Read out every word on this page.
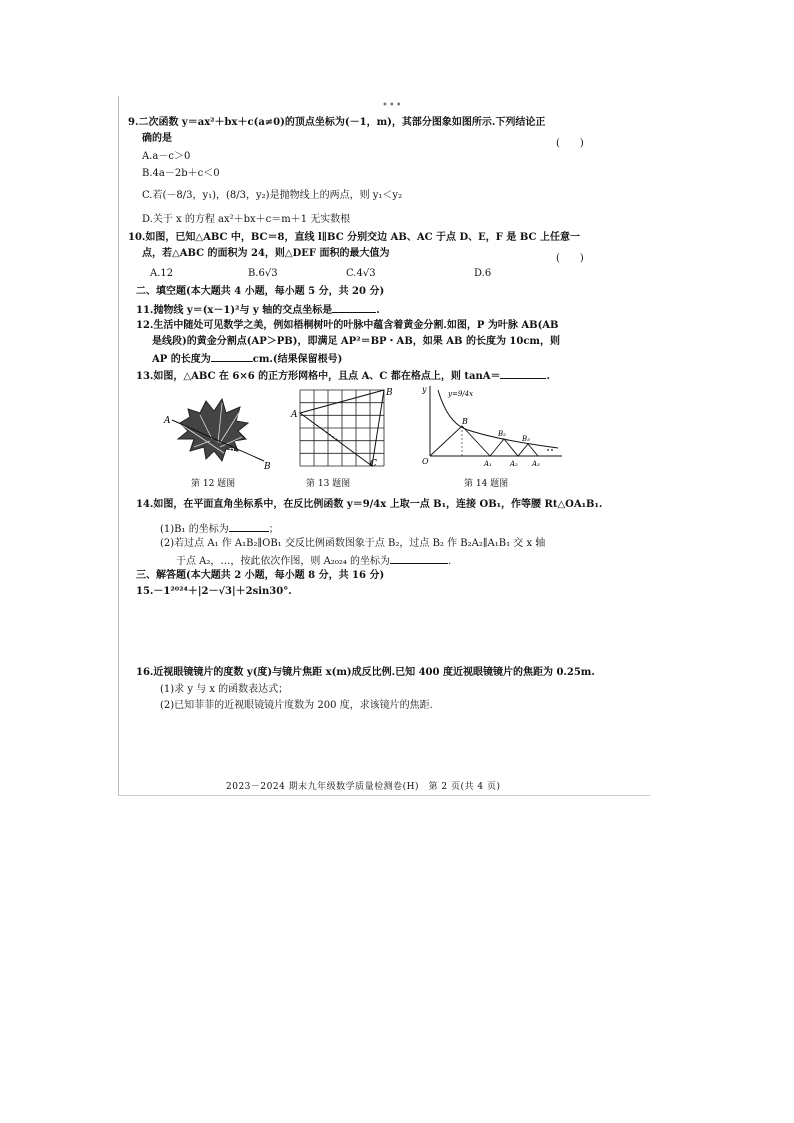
•••
9.二次函数 y＝ax²＋bx＋c(a≠0)的顶点坐标为(－1，m)，其部分图象如图所示.下列结论正
确的是	(　　)
A.a－c＞0
B.4a－2b＋c＜0
C.若(－8/3，y₁)，(8/3，y₂)是抛物线上的两点，则 y₁＜y₂
D.关于 x 的方程 ax²＋bx＋c＝m＋1 无实数根
10.如图，已知△ABC 中，BC＝8，直线 l∥BC 分别交边 AB、AC 于点 D、E，F 是 BC 上任意一
点，若△ABC 的面积为 24，则△DEF 面积的最大值为	(　　)
A.12	B.6√3	C.4√3	D.6
二、填空题(本大题共 4 小题，每小题 5 分，共 20 分)
11.抛物线 y＝(x－1)²与 y 轴的交点坐标是	.
12.生活中随处可见数学之美，例如梧桐树叶的叶脉中蕴含着黄金分割.如图，P 为叶脉 AB(AB
是线段)的黄金分割点(AP＞PB)，即满足 AP²＝BP・AB，如果 AB 的长度为 10cm，则
AP 的长度为	cm.(结果保留根号)
13.如图，△ABC 在 6×6 的正方形网格中，且点 A、C 都在格点上，则 tanA＝	.
A
P
B
第 12 题图
A
B
C
第 13 题图
y
O
y=9/4x
B
B₂
B₃
A₁	A₂ A₃
第 14 题图
14.如图，在平面直角坐标系中，在反比例函数 y＝9/4x 上取一点 B₁，连接 OB₁，作等腰 Rt△OA₁B₁.
(1)B₁ 的坐标为	；
(2)若过点 A₁ 作 A₁B₂∥OB₁ 交反比例函数图象于点 B₂，过点 B₂ 作 B₂A₂∥A₁B₁ 交 x 轴
于点 A₂，…，按此依次作图，则 A₂₀₂₄ 的坐标为	.
三、解答题(本大题共 2 小题，每小题 8 分，共 16 分)
15.－1²⁰²⁴＋|2－√3|＋2sin30°.
16.近视眼镜镜片的度数 y(度)与镜片焦距 x(m)成反比例.已知 400 度近视眼镜镜片的焦距为 0.25m.
(1)求 y 与 x 的函数表达式；
(2)已知菲菲的近视眼镜镜片度数为 200 度，求该镜片的焦距.
2023－2024 期末九年级数学质量检测卷(H)　第 2 页(共 4 页)
